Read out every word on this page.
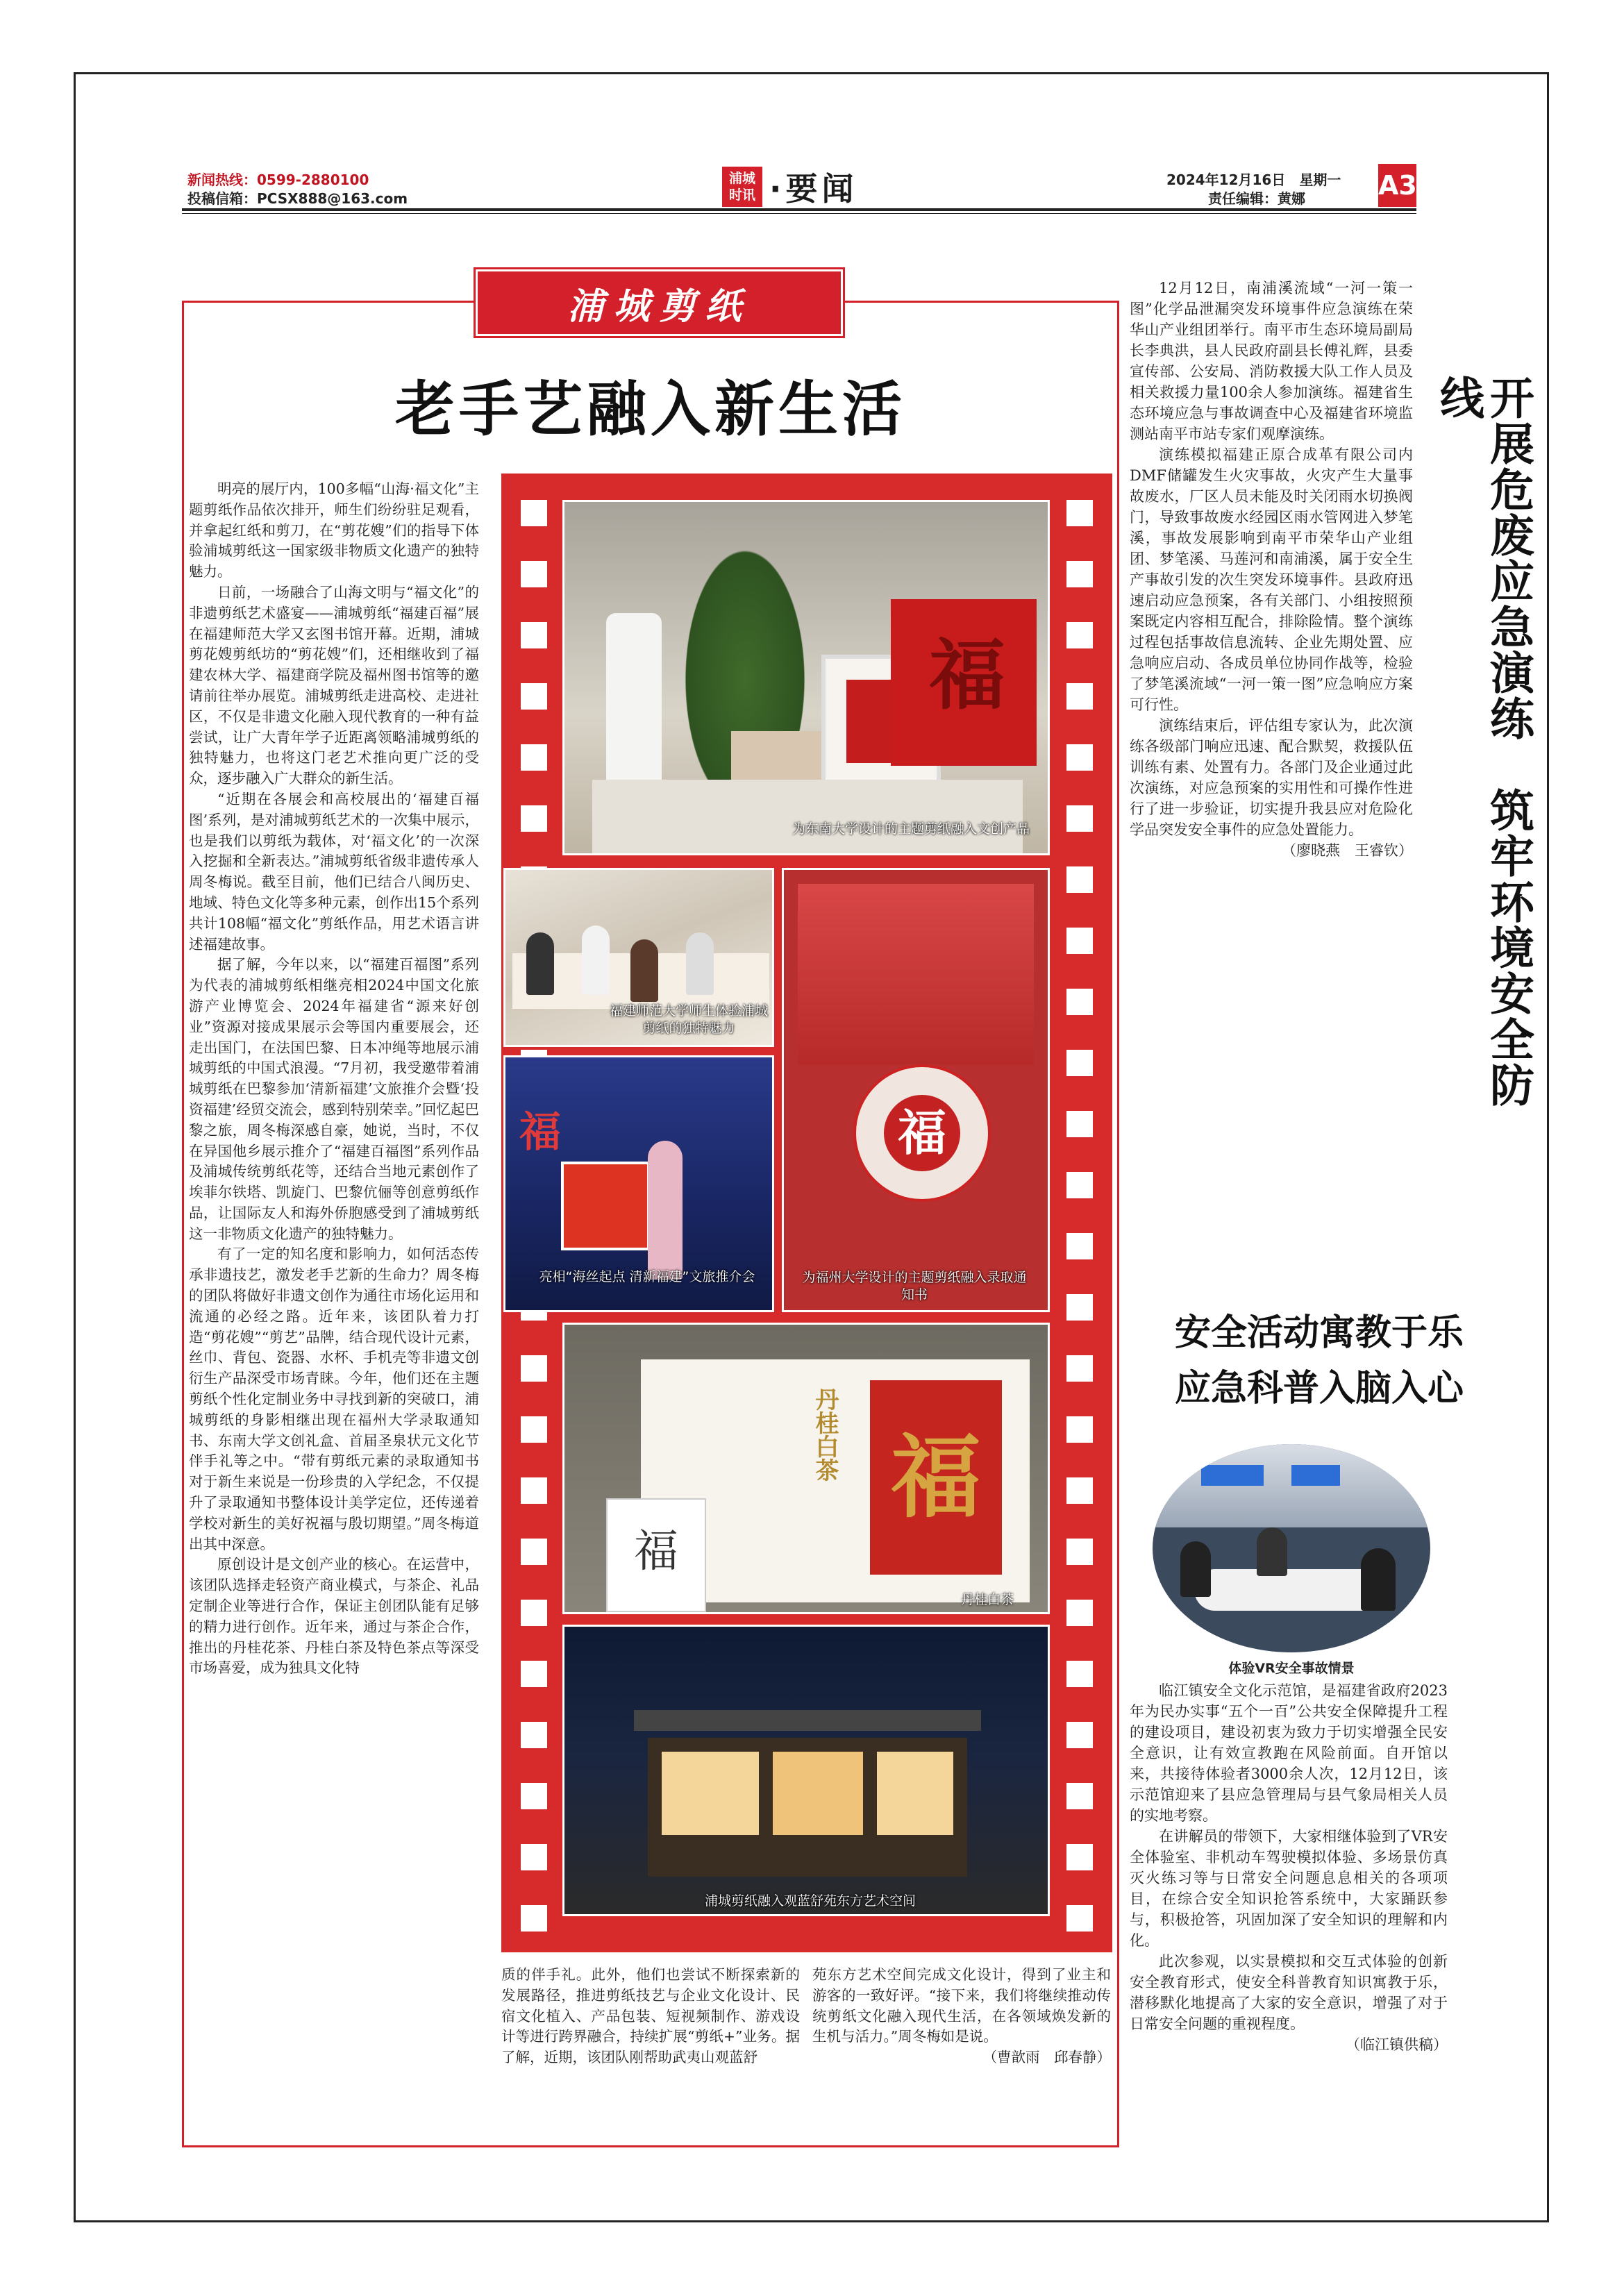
新闻热线：0599-2880100
投稿信箱：PCSX888@163.com
浦城
时讯 ·要闻	2024年12月16日　星期一
责任编辑：黄娜	A3
浦城剪纸
老手艺融入新生活

明亮的展厅内，100多幅“山海·福文化”主题剪纸作品依次排开，师生们纷纷驻足观看，并拿起红纸和剪刀，在“剪花嫂”们的指导下体验浦城剪纸这一国家级非物质文化遗产的独特魅力。

日前，一场融合了山海文明与“福文化”的非遗剪纸艺术盛宴——浦城剪纸“福建百福”展在福建师范大学又玄图书馆开幕。近期，浦城剪花嫂剪纸坊的“剪花嫂”们，还相继收到了福建农林大学、福建商学院及福州图书馆等的邀请前往举办展览。浦城剪纸走进高校、走进社区，不仅是非遗文化融入现代教育的一种有益尝试，让广大青年学子近距离领略浦城剪纸的独特魅力，也将这门老艺术推向更广泛的受众，逐步融入广大群众的新生活。

“近期在各展会和高校展出的‘福建百福图’系列，是对浦城剪纸艺术的一次集中展示，也是我们以剪纸为载体，对‘福文化’的一次深入挖掘和全新表达。”浦城剪纸省级非遗传承人周冬梅说。截至目前，他们已结合八闽历史、地域、特色文化等多种元素，创作出15个系列共计108幅“福文化”剪纸作品，用艺术语言讲述福建故事。

据了解，今年以来，以“福建百福图”系列为代表的浦城剪纸相继亮相2024中国文化旅游产业博览会、2024年福建省“源来好创业”资源对接成果展示会等国内重要展会，还走出国门，在法国巴黎、日本冲绳等地展示浦城剪纸的中国式浪漫。“7月初，我受邀带着浦城剪纸在巴黎参加‘清新福建’文旅推介会暨‘投资福建’经贸交流会，感到特别荣幸。”回忆起巴黎之旅，周冬梅深感自豪，她说，当时，不仅在异国他乡展示推介了“福建百福图”系列作品及浦城传统剪纸花等，还结合当地元素创作了埃菲尔铁塔、凯旋门、巴黎伉俪等创意剪纸作品，让国际友人和海外侨胞感受到了浦城剪纸这一非物质文化遗产的独特魅力。

有了一定的知名度和影响力，如何活态传承非遗技艺，激发老手艺新的生命力？周冬梅的团队将做好非遗文创作为通往市场化运用和流通的必经之路。近年来，该团队着力打造“剪花嫂”“剪艺”品牌，结合现代设计元素，丝巾、背包、瓷器、水杯、手机壳等非遗文创衍生产品深受市场青睐。今年，他们还在主题剪纸个性化定制业务中寻找到新的突破口，浦城剪纸的身影相继出现在福州大学录取通知书、东南大学文创礼盒、首届圣泉状元文化节伴手礼等之中。“带有剪纸元素的录取通知书对于新生来说是一份珍贵的入学纪念，不仅提升了录取通知书整体设计美学定位，还传递着学校对新生的美好祝福与殷切期望。”周冬梅道出其中深意。

原创设计是文创产业的核心。在运营中，该团队选择走轻资产商业模式，与茶企、礼品定制企业等进行合作，保证主创团队能有足够的精力进行创作。近年来，通过与茶企合作，推出的丹桂花茶、丹桂白茶及特色茶点等深受市场喜爱，成为独具文化特

福
为东南大学设计的主题剪纸融入文创产品
福建师范大学师生体验浦城剪纸的独特魅力
福
为福州大学设计的主题剪纸融入录取通知书
福
亮相“海丝起点 清新福建”文旅推介会
丹桂白茶 福
福
丹桂白茶
浦城剪纸融入观蓝舒苑东方艺术空间

质的伴手礼。此外，他们也尝试不断探索新的发展路径，推进剪纸技艺与企业文化设计、民宿文化植入、产品包装、短视频制作、游戏设计等进行跨界融合，持续扩展“剪纸+”业务。据了解，近期，该团队刚帮助武夷山观蓝舒

苑东方艺术空间完成文化设计，得到了业主和游客的一致好评。“接下来，我们将继续推动传统剪纸文化融入现代生活，在各领域焕发新的生机与活力。”周冬梅如是说。

（曹歆雨　邱春静）

开展危废应急演练　筑牢环境安全防线

12月12日，南浦溪流域“一河一策一图”化学品泄漏突发环境事件应急演练在荣华山产业组团举行。南平市生态环境局副局长李典洪，县人民政府副县长傅礼辉，县委宣传部、公安局、消防救援大队工作人员及相关救援力量100余人参加演练。福建省生态环境应急与事故调查中心及福建省环境监测站南平市站专家们观摩演练。

演练模拟福建正原合成革有限公司内DMF储罐发生火灾事故，火灾产生大量事故废水，厂区人员未能及时关闭雨水切换阀门，导致事故废水经园区雨水管网进入梦笔溪，事故发展影响到南平市荣华山产业组团、梦笔溪、马莲河和南浦溪，属于安全生产事故引发的次生突发环境事件。县政府迅速启动应急预案，各有关部门、小组按照预案既定内容相互配合，排除险情。整个演练过程包括事故信息流转、企业先期处置、应急响应启动、各成员单位协同作战等，检验了梦笔溪流域“一河一策一图”应急响应方案可行性。

演练结束后，评估组专家认为，此次演练各级部门响应迅速、配合默契，救援队伍训练有素、处置有力。各部门及企业通过此次演练，对应急预案的实用性和可操作性进行了进一步验证，切实提升我县应对危险化学品突发安全事件的应急处置能力。

（廖晓燕　王睿钦）

安全活动寓教于乐
应急科普入脑入心
体验VR安全事故情景

临江镇安全文化示范馆，是福建省政府2023年为民办实事“五个一百”公共安全保障提升工程的建设项目，建设初衷为致力于切实增强全民安全意识，让有效宣教跑在风险前面。自开馆以来，共接待体验者3000余人次，12月12日，该示范馆迎来了县应急管理局与县气象局相关人员的实地考察。

在讲解员的带领下，大家相继体验到了VR安全体验室、非机动车驾驶模拟体验、多场景仿真灭火练习等与日常安全问题息息相关的各项项目，在综合安全知识抢答系统中，大家踊跃参与，积极抢答，巩固加深了安全知识的理解和内化。

此次参观，以实景模拟和交互式体验的创新安全教育形式，使安全科普教育知识寓教于乐，潜移默化地提高了大家的安全意识，增强了对于日常安全问题的重视程度。

（临江镇供稿）
